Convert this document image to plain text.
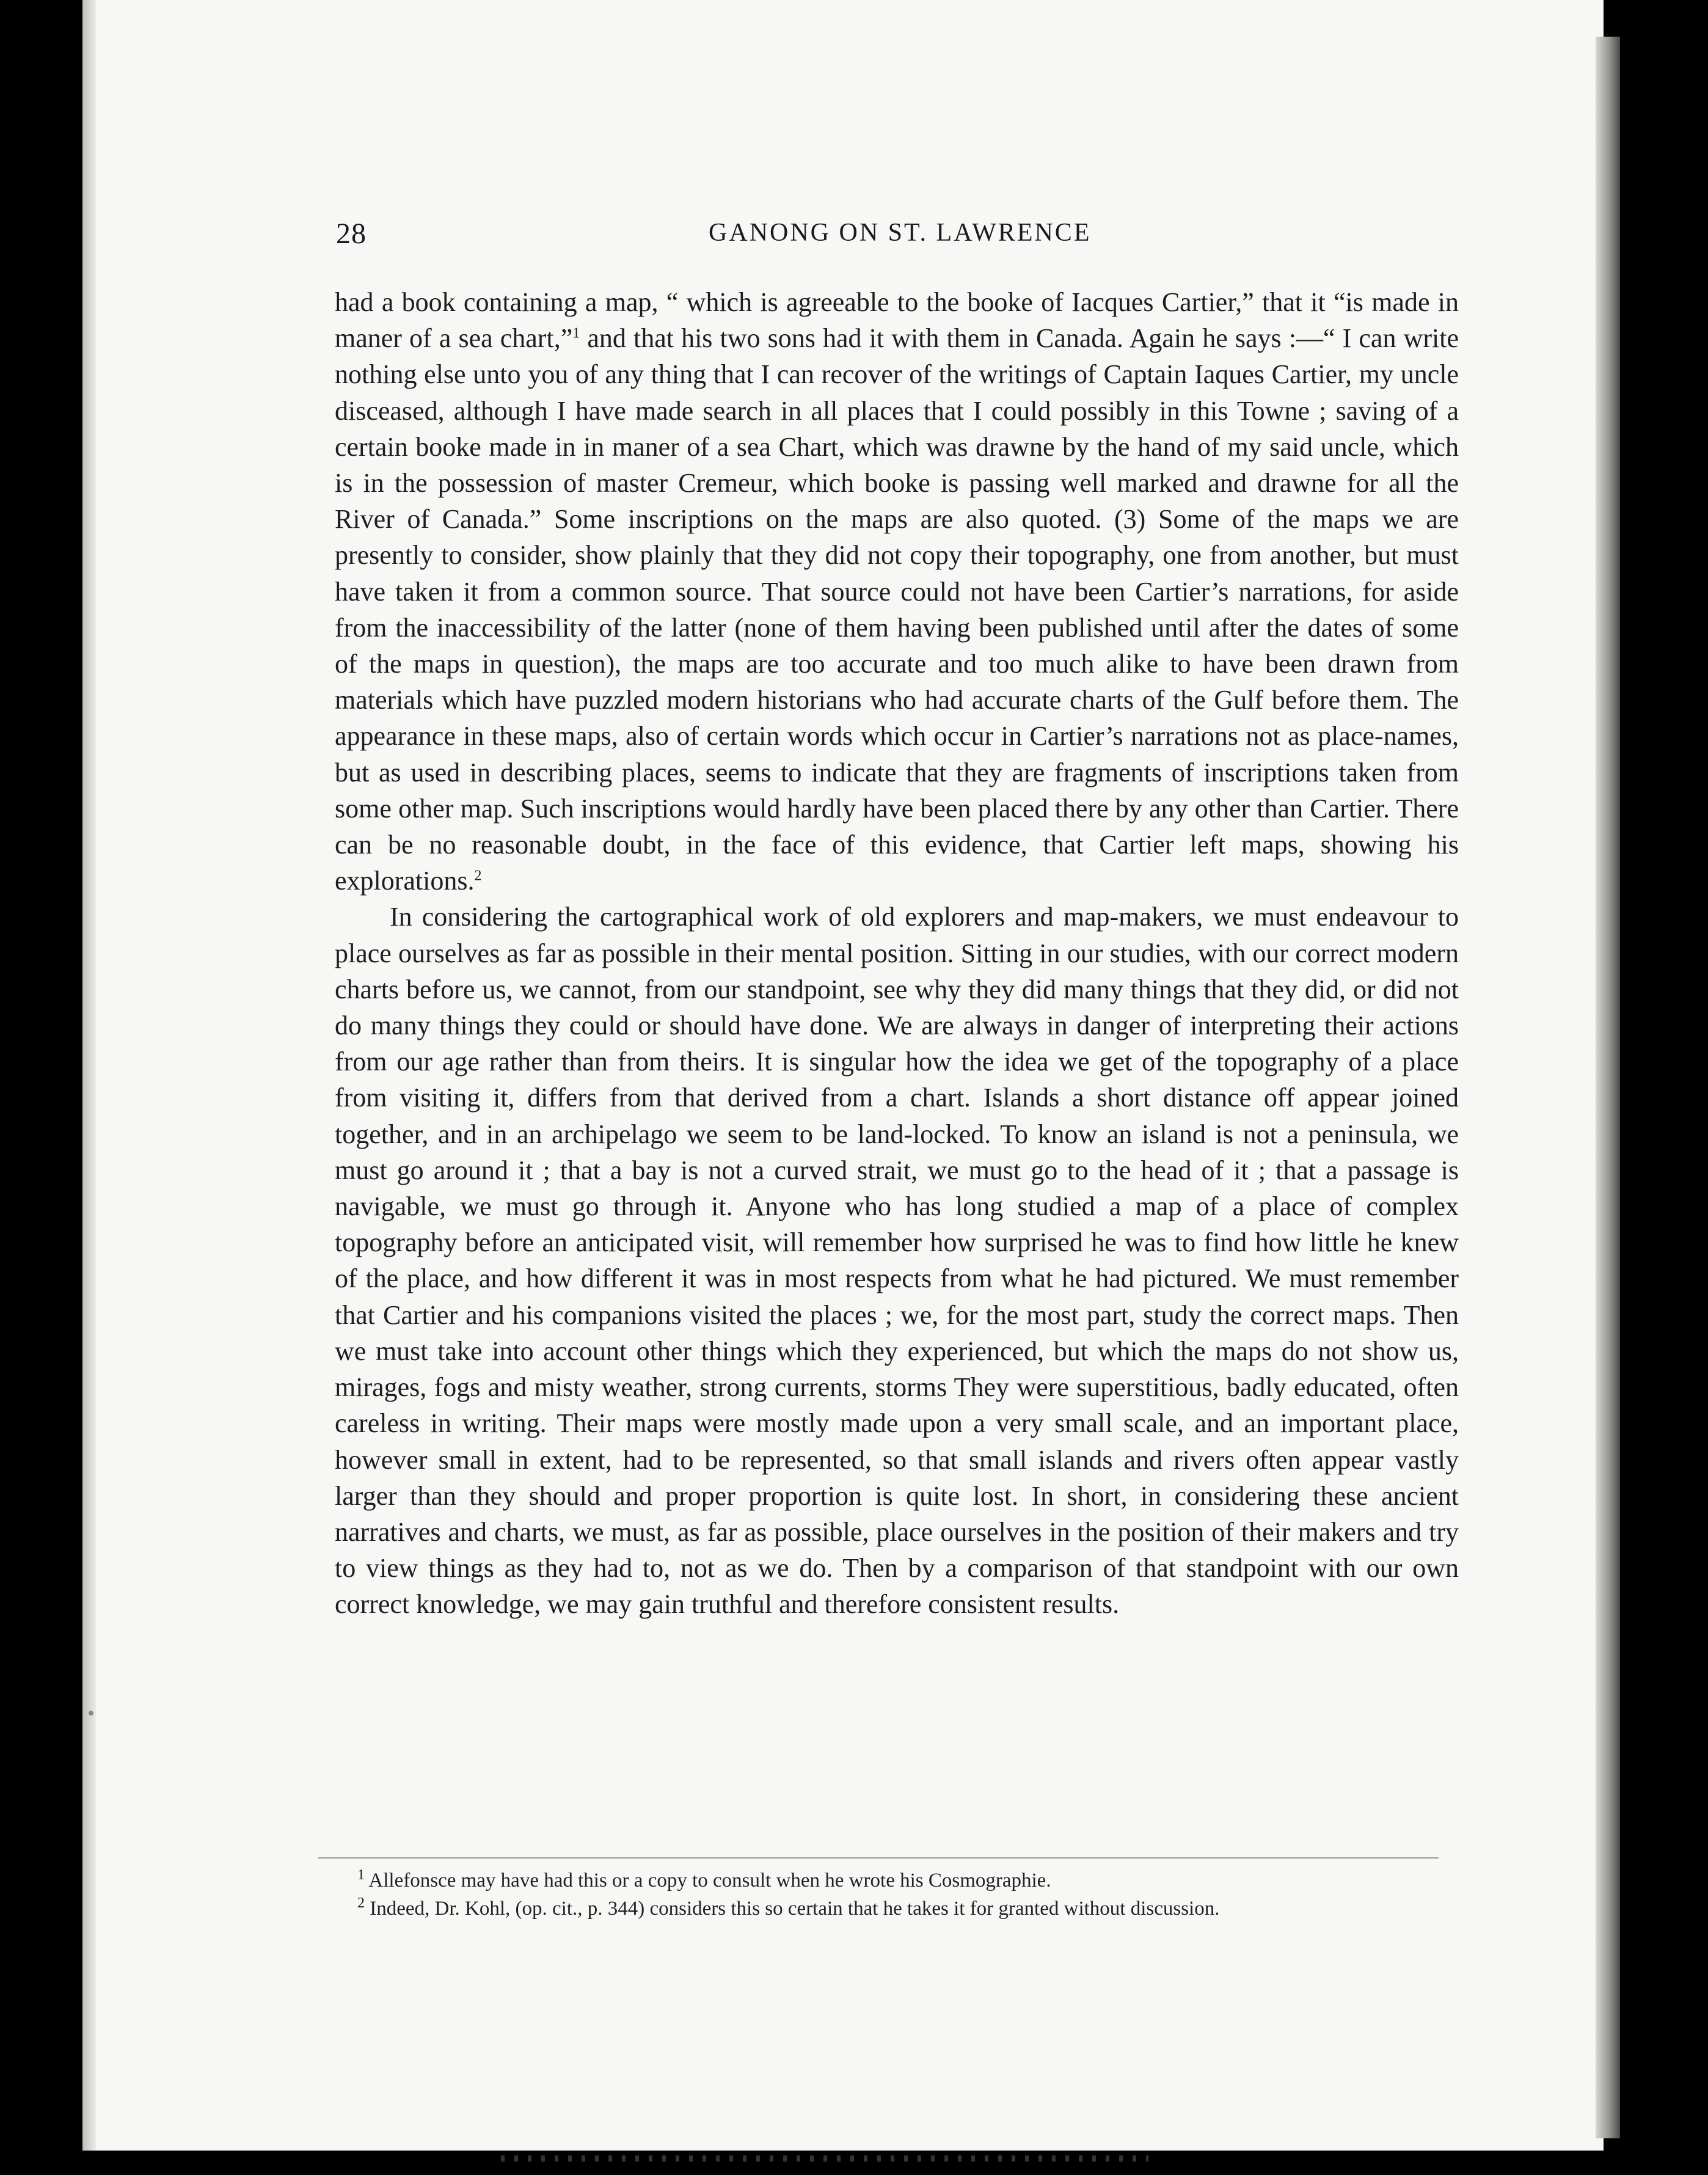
28	GANONG ON ST. LAWRENCE

had a book containing a map, “ which is agreeable to the booke of Iacques Cartier,” that it “is made in maner of a sea chart,”$^1$ and that his two sons had it with them in Canada. Again he says :—“ I can write nothing else unto you of any thing that I can recover of the writings of Captain Iaques Cartier, my uncle disceased, although I have made search in all places that I could possibly in this Towne ; saving of a certain booke made in in maner of a sea Chart, which was drawne by the hand of my said uncle, which is in the possession of master Cremeur, which booke is passing well marked and drawne for all the River of Canada.” Some inscriptions on the maps are also quoted. (3) Some of the maps we are presently to consider, show plainly that they did not copy their topography, one from another, but must have taken it from a common source. That source could not have been Cartier’s narrations, for aside from the inaccessibility of the latter (none of them having been published until after the dates of some of the maps in question), the maps are too accurate and too much alike to have been drawn from materials which have puzzled modern historians who had accurate charts of the Gulf before them. The appearance in these maps, also of certain words which occur in Cartier’s narrations not as place-names, but as used in describing places, seems to indicate that they are fragments of inscriptions taken from some other map. Such inscriptions would hardly have been placed there by any other than Cartier. There can be no reasonable doubt, in the face of this evidence, that Cartier left maps, showing his explorations.$^2$

In considering the cartographical work of old explorers and map-makers, we must endeavour to place ourselves as far as possible in their mental position. Sitting in our studies, with our correct modern charts before us, we cannot, from our standpoint, see why they did many things that they did, or did not do many things they could or should have done. We are always in danger of interpreting their actions from our age rather than from theirs. It is singular how the idea we get of the topography of a place from visiting it, differs from that derived from a chart. Islands a short distance off appear joined together, and in an archipelago we seem to be land-locked. To know an island is not a peninsula, we must go around it ; that a bay is not a curved strait, we must go to the head of it ; that a passage is navigable, we must go through it. Anyone who has long studied a map of a place of complex topography before an anticipated visit, will remember how surprised he was to find how little he knew of the place, and how different it was in most respects from what he had pictured. We must remember that Cartier and his companions visited the places ; we, for the most part, study the correct maps. Then we must take into account other things which they experienced, but which the maps do not show us, mirages, fogs and misty weather, strong currents, storms They were superstitious, badly educated, often careless in writing. Their maps were mostly made upon a very small scale, and an important place, however small in extent, had to be represented, so that small islands and rivers often appear vastly larger than they should and proper proportion is quite lost. In short, in considering these ancient narratives and charts, we must, as far as possible, place ourselves in the position of their makers and try to view things as they had to, not as we do. Then by a comparison of that standpoint with our own correct knowledge, we may gain truthful and therefore consistent results.

$^1$ Allefonsce may have had this or a copy to consult when he wrote his Cosmographie.
$^2$ Indeed, Dr. Kohl, (op. cit., p. 344) considers this so certain that he takes it for granted without discussion.
